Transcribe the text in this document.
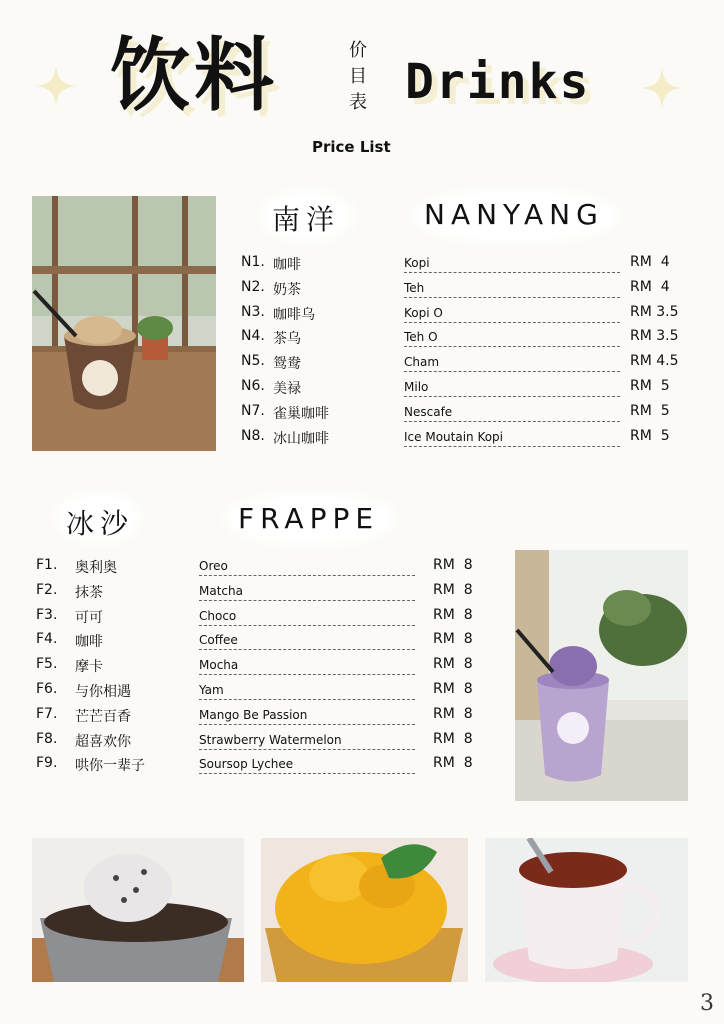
饮料	价
目
表 Drinks
Price List
南洋	NANYANG
N1. 咖啡	Kopi	RM  4
N2. 奶茶	Teh	RM  4
N3. 咖啡乌	Kopi O	RM 3.5
N4. 茶乌	Teh O	RM 3.5
N5. 鸳鸯	Cham	RM 4.5
N6. 美禄	Milo	RM  5
N7. 雀巢咖啡	Nescafe	RM  5
N8. 冰山咖啡	Ice Moutain Kopi	RM  5
冰沙	FRAPPE
F1. 奥利奥	Oreo	RM  8
F2. 抹茶	Matcha	RM  8
F3. 可可	Choco	RM  8
F4. 咖啡	Coffee	RM  8
F5. 摩卡	Mocha	RM  8
F6. 与你相遇	Yam	RM  8
F7. 芒芒百香	Mango Be Passion	RM  8
F8. 超喜欢你	Strawberry Watermelon	RM  8
F9. 哄你一辈子	Soursop Lychee	RM  8
3
